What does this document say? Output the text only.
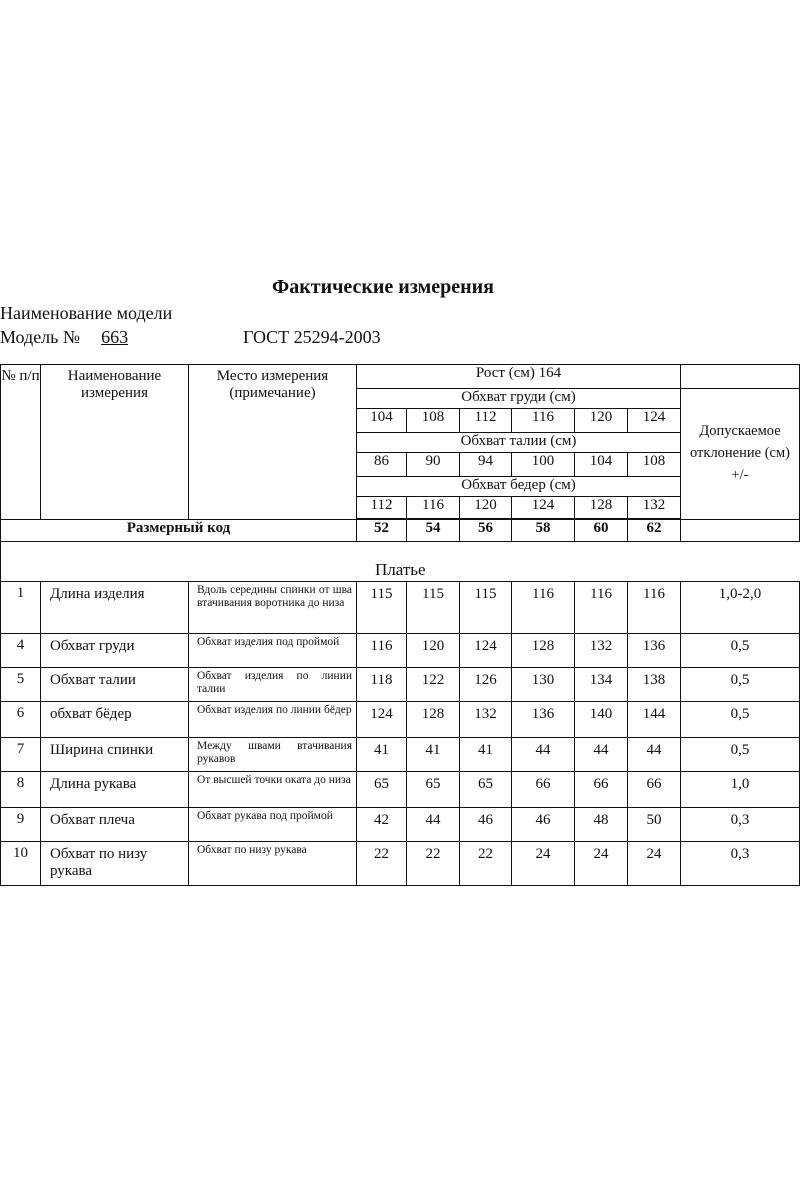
Фактические измерения
Наименование модели
Модель № 663	ГОСТ 25294-2003
№ п/п	Наименование измерения	Место измерения (примечание)	Рост (см) 164						
			Обхват груди (см)						Допускаемое отклонение (см) +/-
			104	108	112	116	120	124	
			Обхват талии (см)						
			86	90	94	100	104	108	
			Обхват бедер (см)						
			112	116	120	124	128	132	

Размерный код			52	54	56	58	60	62	
Платье									
1	Длина изделия	Вдоль середины спинки от шва втачивания воротника до низа	115	115	115	116	116	116	1,0-2,0
4	Обхват груди	Обхват изделия под проймой	116	120	124	128	132	136	0,5
5	Обхват талии	Обхват изделия по линии талии	118	122	126	130	134	138	0,5
6	обхват бёдер	Обхват изделия по линии бёдер	124	128	132	136	140	144	0,5
7	Ширина спинки	Между швами втачивания рукавов	41	41	41	44	44	44	0,5
8	Длина рукава	От высшей точки оката до низа	65	65	65	66	66	66	1,0
9	Обхват плеча	Обхват рукава под проймой	42	44	46	46	48	50	0,3
10	Обхват по низу рукава	Обхват по низу рукава	22	22	22	24	24	24	0,3
